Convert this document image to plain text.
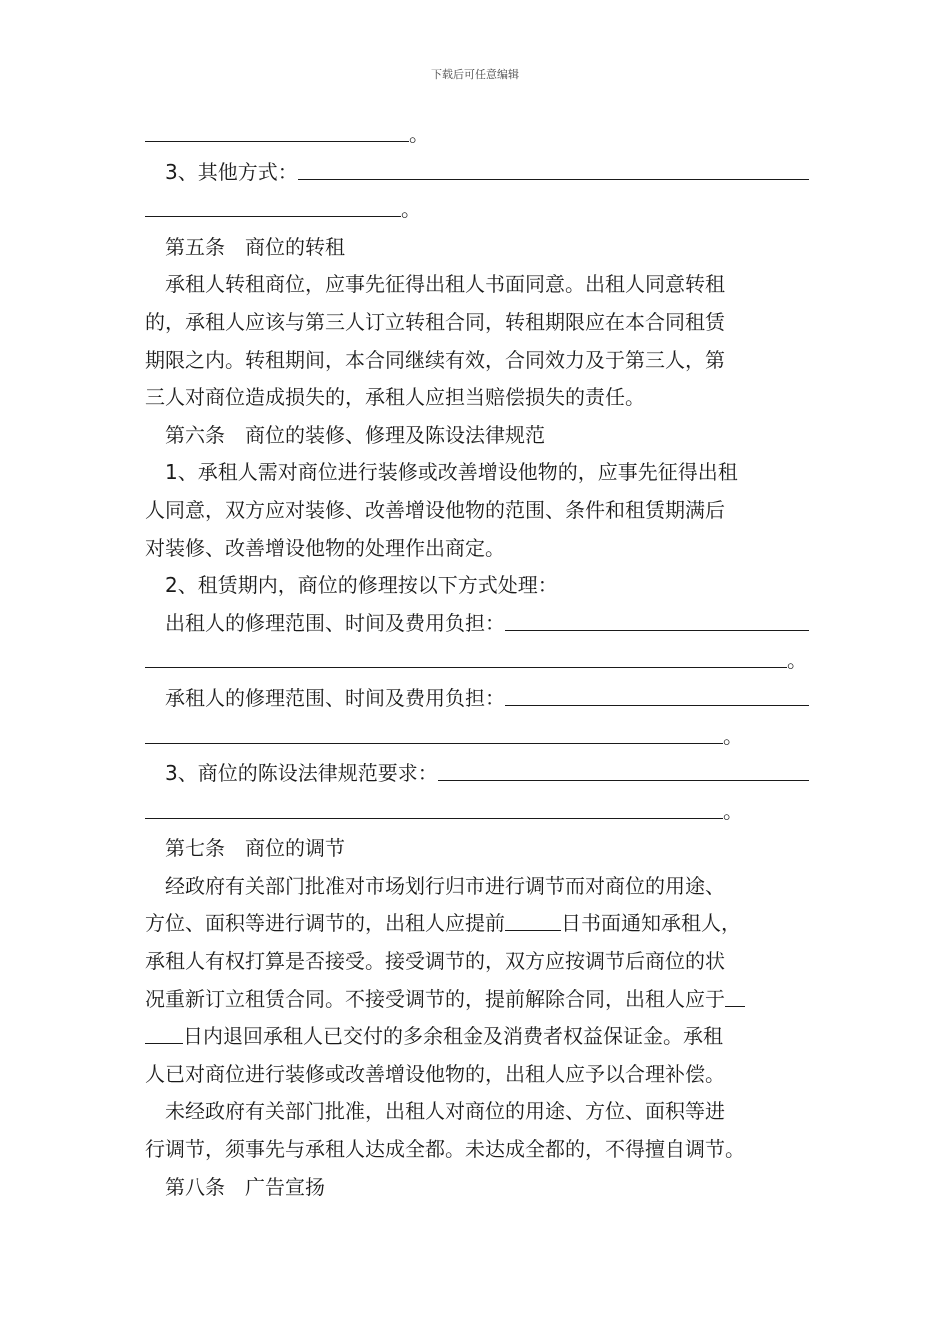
下载后可任意编辑
。
3、其他方式：
。
第五条　商位的转租
承租人转租商位，应事先征得出租人书面同意。出租人同意转租
的，承租人应该与第三人订立转租合同，转租期限应在本合同租赁
期限之内。转租期间，本合同继续有效，合同效力及于第三人，第
三人对商位造成损失的，承租人应担当赔偿损失的责任。
第六条　商位的装修、修理及陈设法律规范
1、承租人需对商位进行装修或改善增设他物的，应事先征得出租
人同意，双方应对装修、改善增设他物的范围、条件和租赁期满后
对装修、改善增设他物的处理作出商定。
2、租赁期内，商位的修理按以下方式处理：
出租人的修理范围、时间及费用负担：
。
承租人的修理范围、时间及费用负担：
。
3、商位的陈设法律规范要求：
。
第七条　商位的调节
经政府有关部门批准对市场划行归市进行调节而对商位的用途、
方位、面积等进行调节的，出租人应提前	日书面通知承租人，
承租人有权打算是否接受。接受调节的，双方应按调节后商位的状
况重新订立租赁合同。不接受调节的，提前解除合同，出租人应于
日内退回承租人已交付的多余租金及消费者权益保证金。承租
人已对商位进行装修或改善增设他物的，出租人应予以合理补偿。
未经政府有关部门批准，出租人对商位的用途、方位、面积等进
行调节，须事先与承租人达成全都。未达成全都的，不得擅自调节。
第八条　广告宣扬
